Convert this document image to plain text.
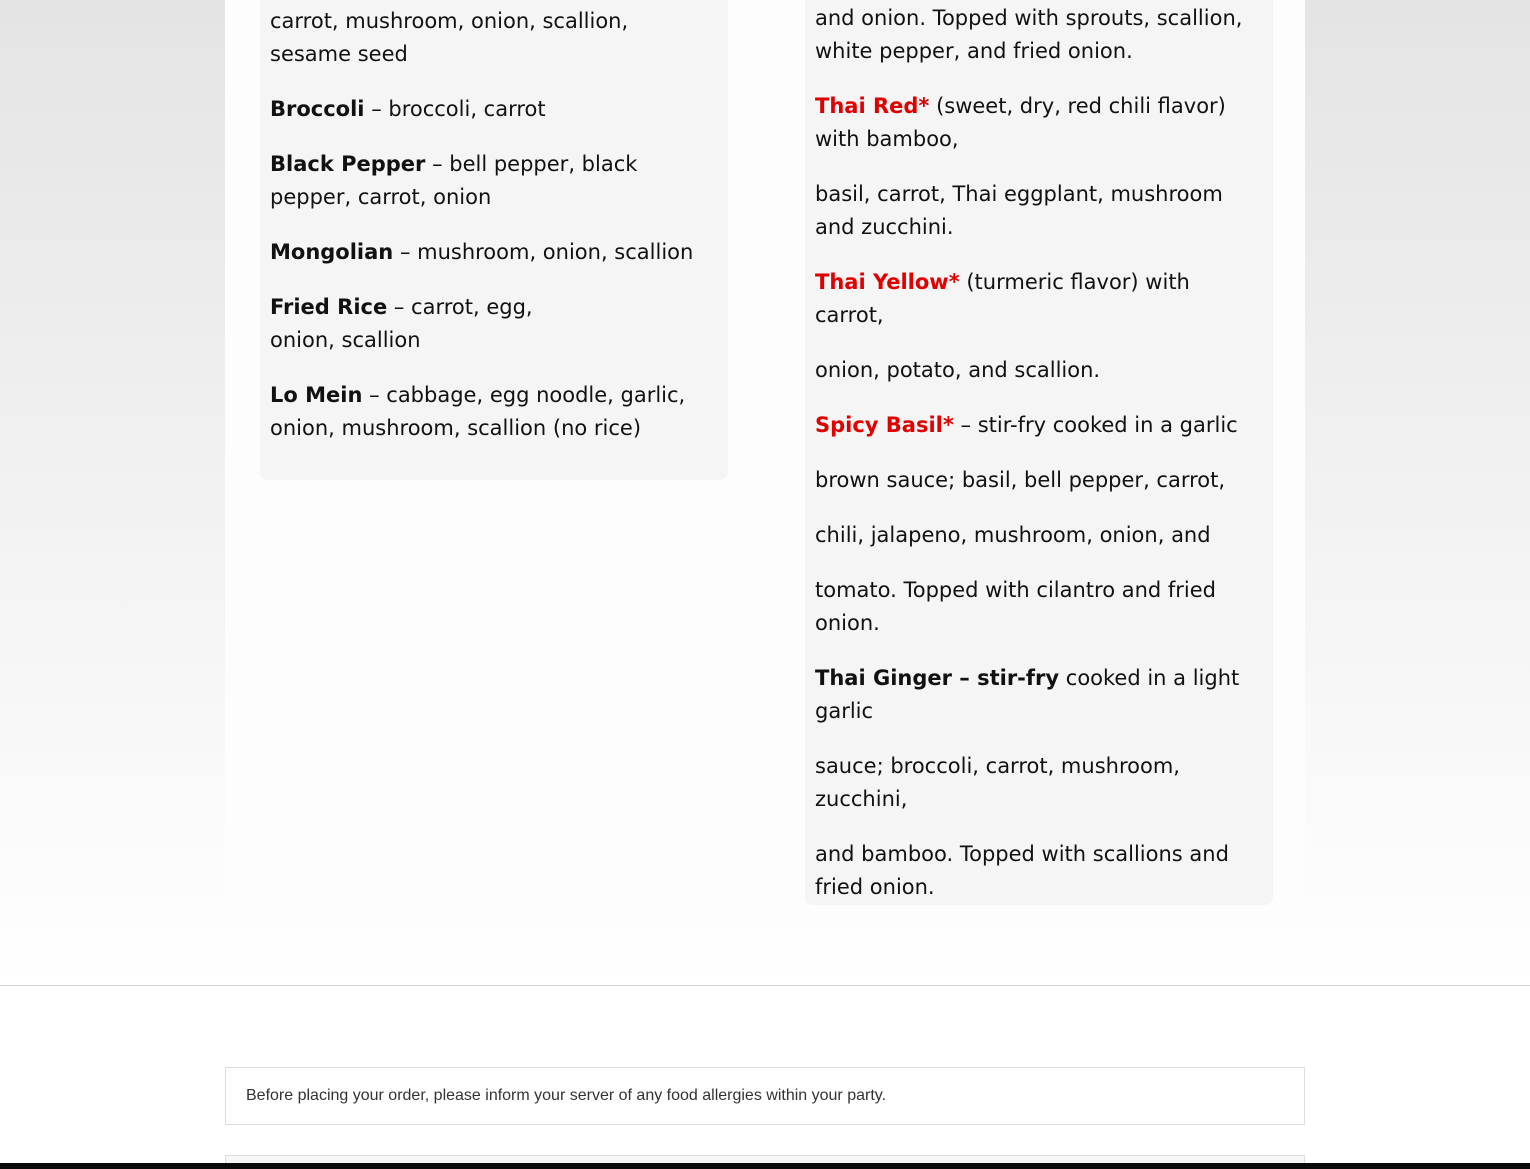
carrot, mushroom, onion, scallion,
sesame seed

Broccoli – broccoli, carrot

Black Pepper – bell pepper, black pepper, carrot, onion

Mongolian – mushroom, onion, scallion

Fried Rice – carrot, egg, onion, scallion

Lo Mein – cabbage, egg noodle, garlic, onion, mushroom, scallion (no rice)

and onion. Topped with sprouts, scallion,
white pepper, and fried onion.

Thai Red* (sweet, dry, red chili flavor) with bamboo,

basil, carrot, Thai eggplant, mushroom and zucchini.

Thai Yellow* (turmeric flavor) with carrot,

onion, potato, and scallion.

Spicy Basil* – stir-fry cooked in a garlic

brown sauce; basil, bell pepper, carrot,

chili, jalapeno, mushroom, onion, and

tomato. Topped with cilantro and fried onion.

Thai Ginger – stir-fry cooked in a light garlic

sauce; broccoli, carrot, mushroom, zucchini,

and bamboo. Topped with scallions and fried onion.

Before placing your order, please inform your server of any food allergies within your party.
